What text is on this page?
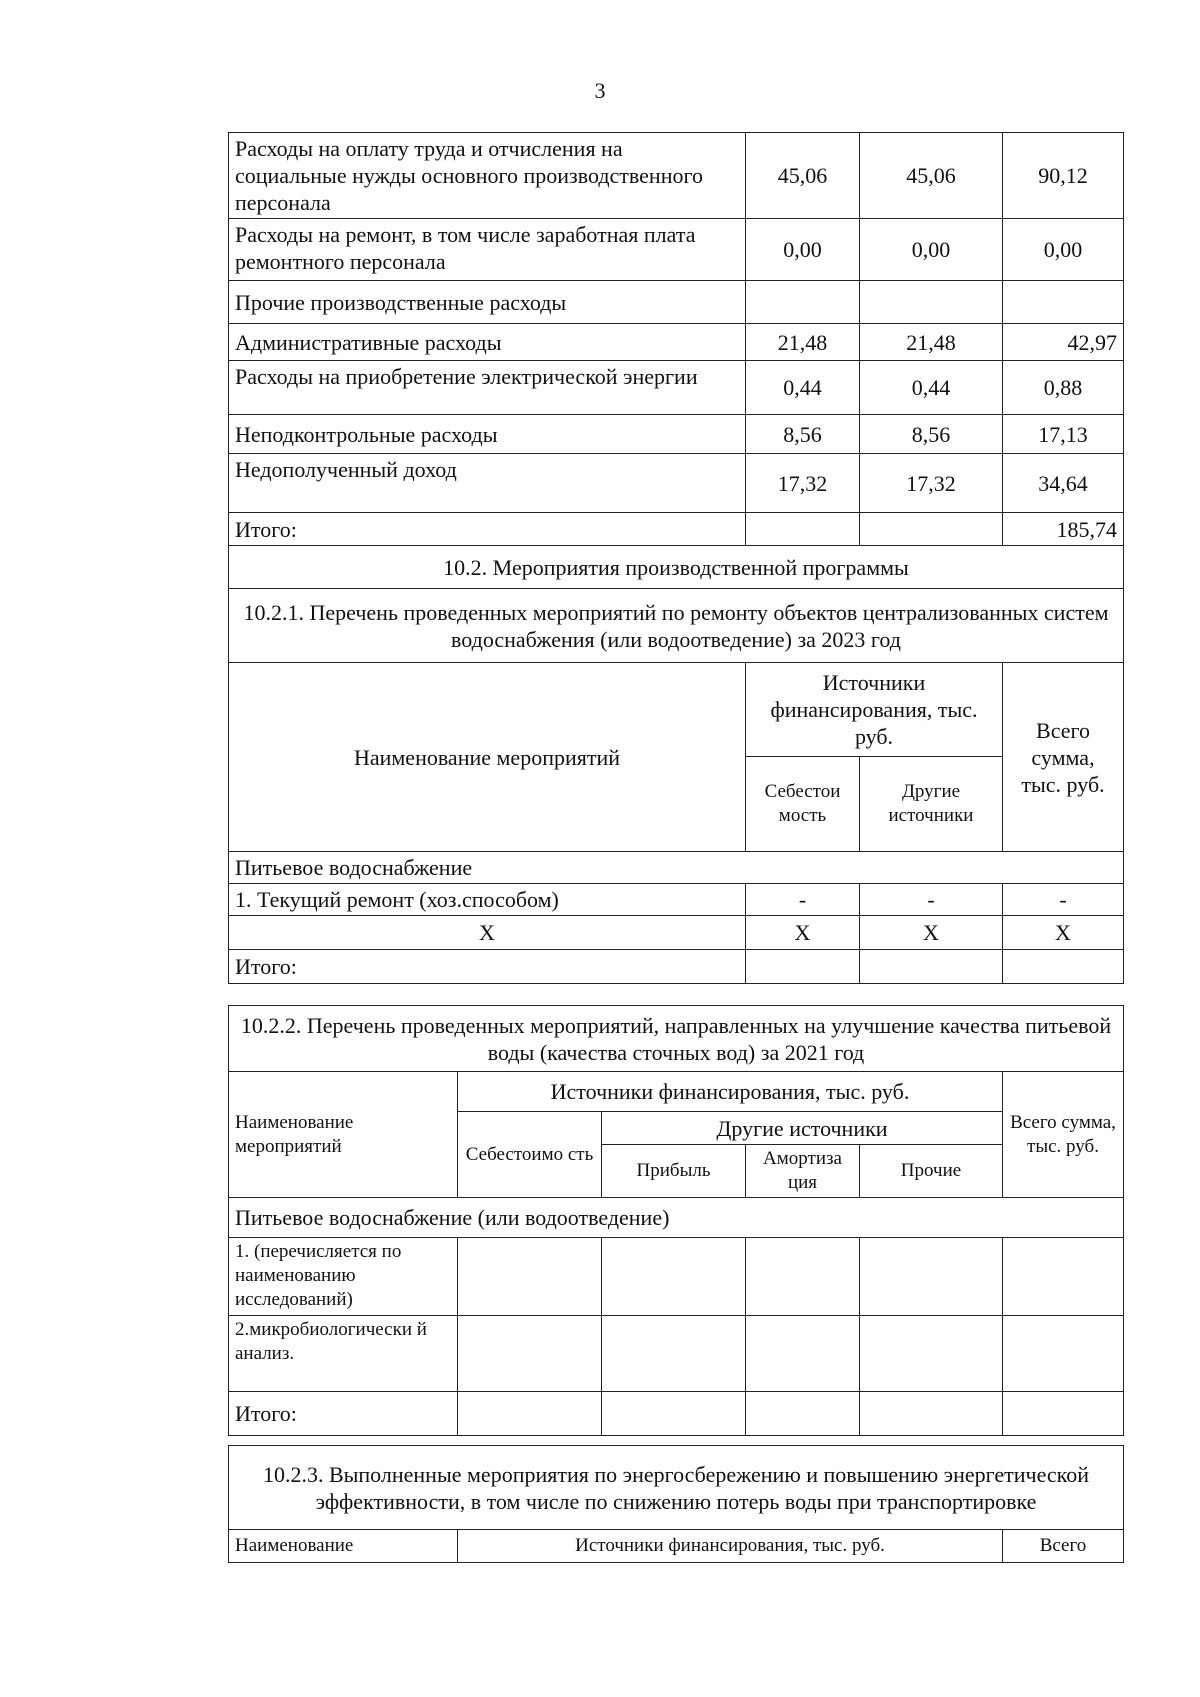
3
Расходы на оплату труда и отчисления на социальные нужды основного производственного персонала	45,06	45,06	90,12
Расходы на ремонт, в том числе заработная плата ремонтного персонала	0,00	0,00	0,00
Прочие производственные расходы			
Административные расходы	21,48	21,48	42,97
Расходы на приобретение электрической энергии	0,44	0,44	0,88
Неподконтрольные расходы	8,56	8,56	17,13
Недополученный доход	17,32	17,32	34,64
Итого:			185,74
10.2. Мероприятия производственной программы			
10.2.1. Перечень проведенных мероприятий по ремонту объектов централизованных систем водоснабжения (или водоотведение) за 2023 год			
Наименование мероприятий	Источники финансирования, тыс. руб.		Всего сумма, тыс. руб.
	Себестои мость	Другие источники	
Питьевое водоснабжение			
1. Текущий ремонт (хоз.способом)	-	-	-
X	X	X	X
Итого:			
10.2.2. Перечень проведенных мероприятий, направленных на улучшение качества питьевой воды (качества сточных вод) за 2021 год					
Наименование мероприятий	Источники финансирования, тыс. руб.				Всего сумма, тыс. руб.
	Себестоимо сть	Другие источники			
		Прибыль	Амортиза ция	Прочие	
Питьевое водоснабжение (или водоотведение)					
1. (перечисляется по наименованию исследований)					
2.микробиологически й анализ.					
Итого:					
10.2.3. Выполненные мероприятия по энергосбережению и повышению энергетической эффективности, в том числе по снижению потерь воды при транспортировке
Наименование	Источники финансирования, тыс. руб.	Всего
